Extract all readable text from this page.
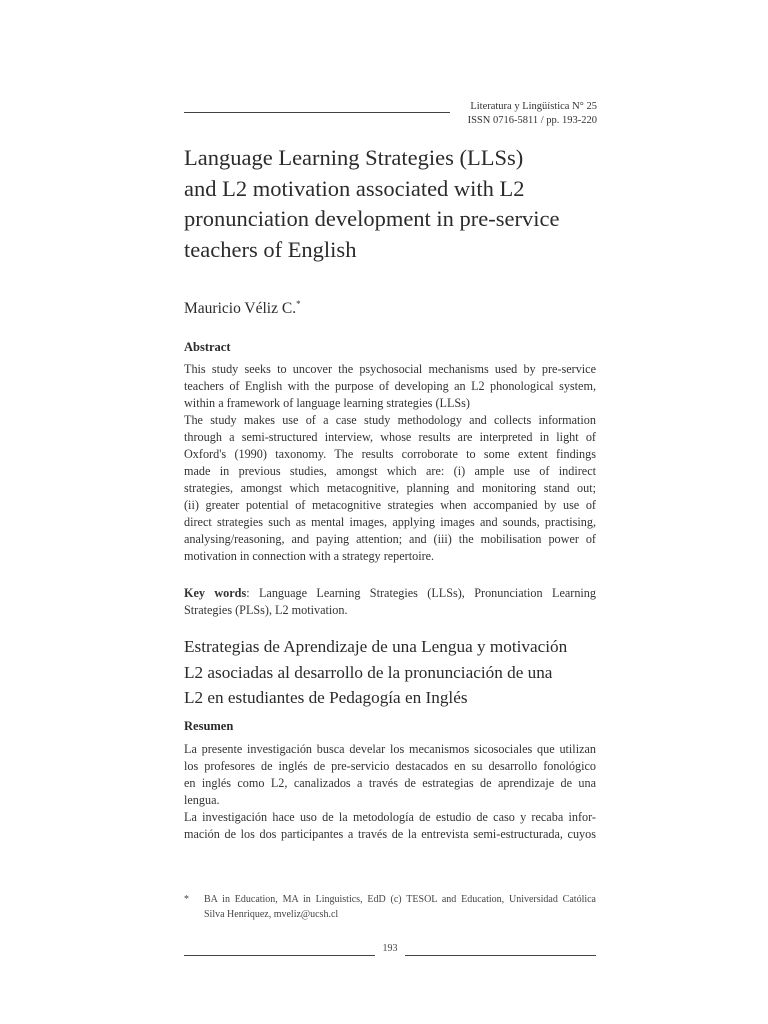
Literatura y Lingüística N° 25
ISSN 0716-5811 / pp. 193-220
Language Learning Strategies (LLSs)
and L2 motivation associated with L2
pronunciation development in pre-service
teachers of English
Mauricio Véliz C.*
Abstract
This study seeks to uncover the psychosocial mechanisms used by pre-service
teachers of English with the purpose of developing an L2 phonological system,
within a framework of language learning strategies (LLSs)
The study makes use of a case study methodology and collects information
through a semi-structured interview, whose results are interpreted in light of
Oxford's (1990) taxonomy. The results corroborate to some extent findings
made in previous studies, amongst which are: (i) ample use of indirect
strategies, amongst which metacognitive, planning and monitoring stand out;
(ii) greater potential of metacognitive strategies when accompanied by use of
direct strategies such as mental images, applying images and sounds, practising,
analysing/reasoning, and paying attention; and (iii) the mobilisation power of
motivation in connection with a strategy repertoire.
Key words: Language Learning Strategies (LLSs), Pronunciation Learning
Strategies (PLSs), L2 motivation.
Estrategias de Aprendizaje de una Lengua y motivación
L2 asociadas al desarrollo de la pronunciación de una
L2 en estudiantes de Pedagogía en Inglés
Resumen
La presente investigación busca develar los mecanismos sicosociales que utilizan
los profesores de inglés de pre-servicio destacados en su desarrollo fonológico
en inglés como L2, canalizados a través de estrategias de aprendizaje de una
lengua.
La investigación hace uso de la metodología de estudio de caso y recaba infor-
mación de los dos participantes a través de la entrevista semi-estructurada, cuyos
* BA in Education, MA in Linguistics, EdD (c) TESOL and Education, Universidad Católica
Silva Henriquez, mveliz@ucsh.cl
193
